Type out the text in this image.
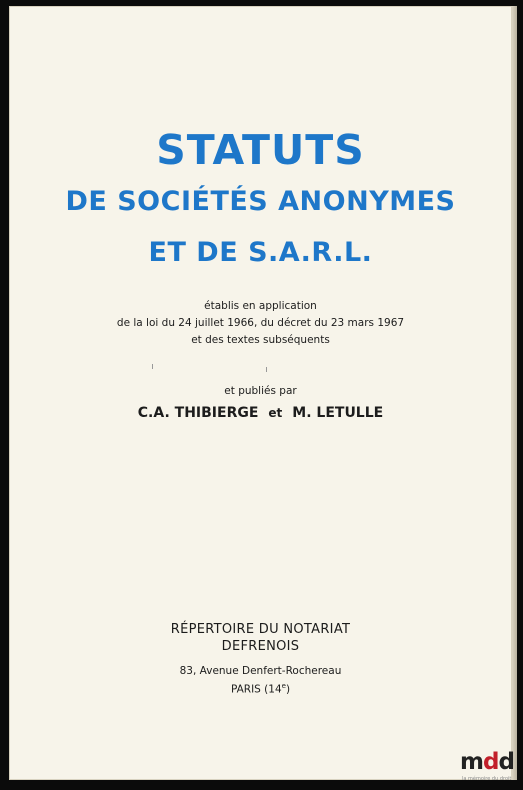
STATUTS
DE SOCIÉTÉS ANONYMES
ET DE S.A.R.L.
établis en application
de la loi du 24 juillet 1966, du décret du 23 mars 1967
et des textes subséquents
et publiés par
C.A. THIBIERGE et M. LETULLE
RÉPERTOIRE DU NOTARIAT
DEFRENOIS
83, Avenue Denfert-Rochereau
PARIS (14e)
mdd
la mémoire du droit
